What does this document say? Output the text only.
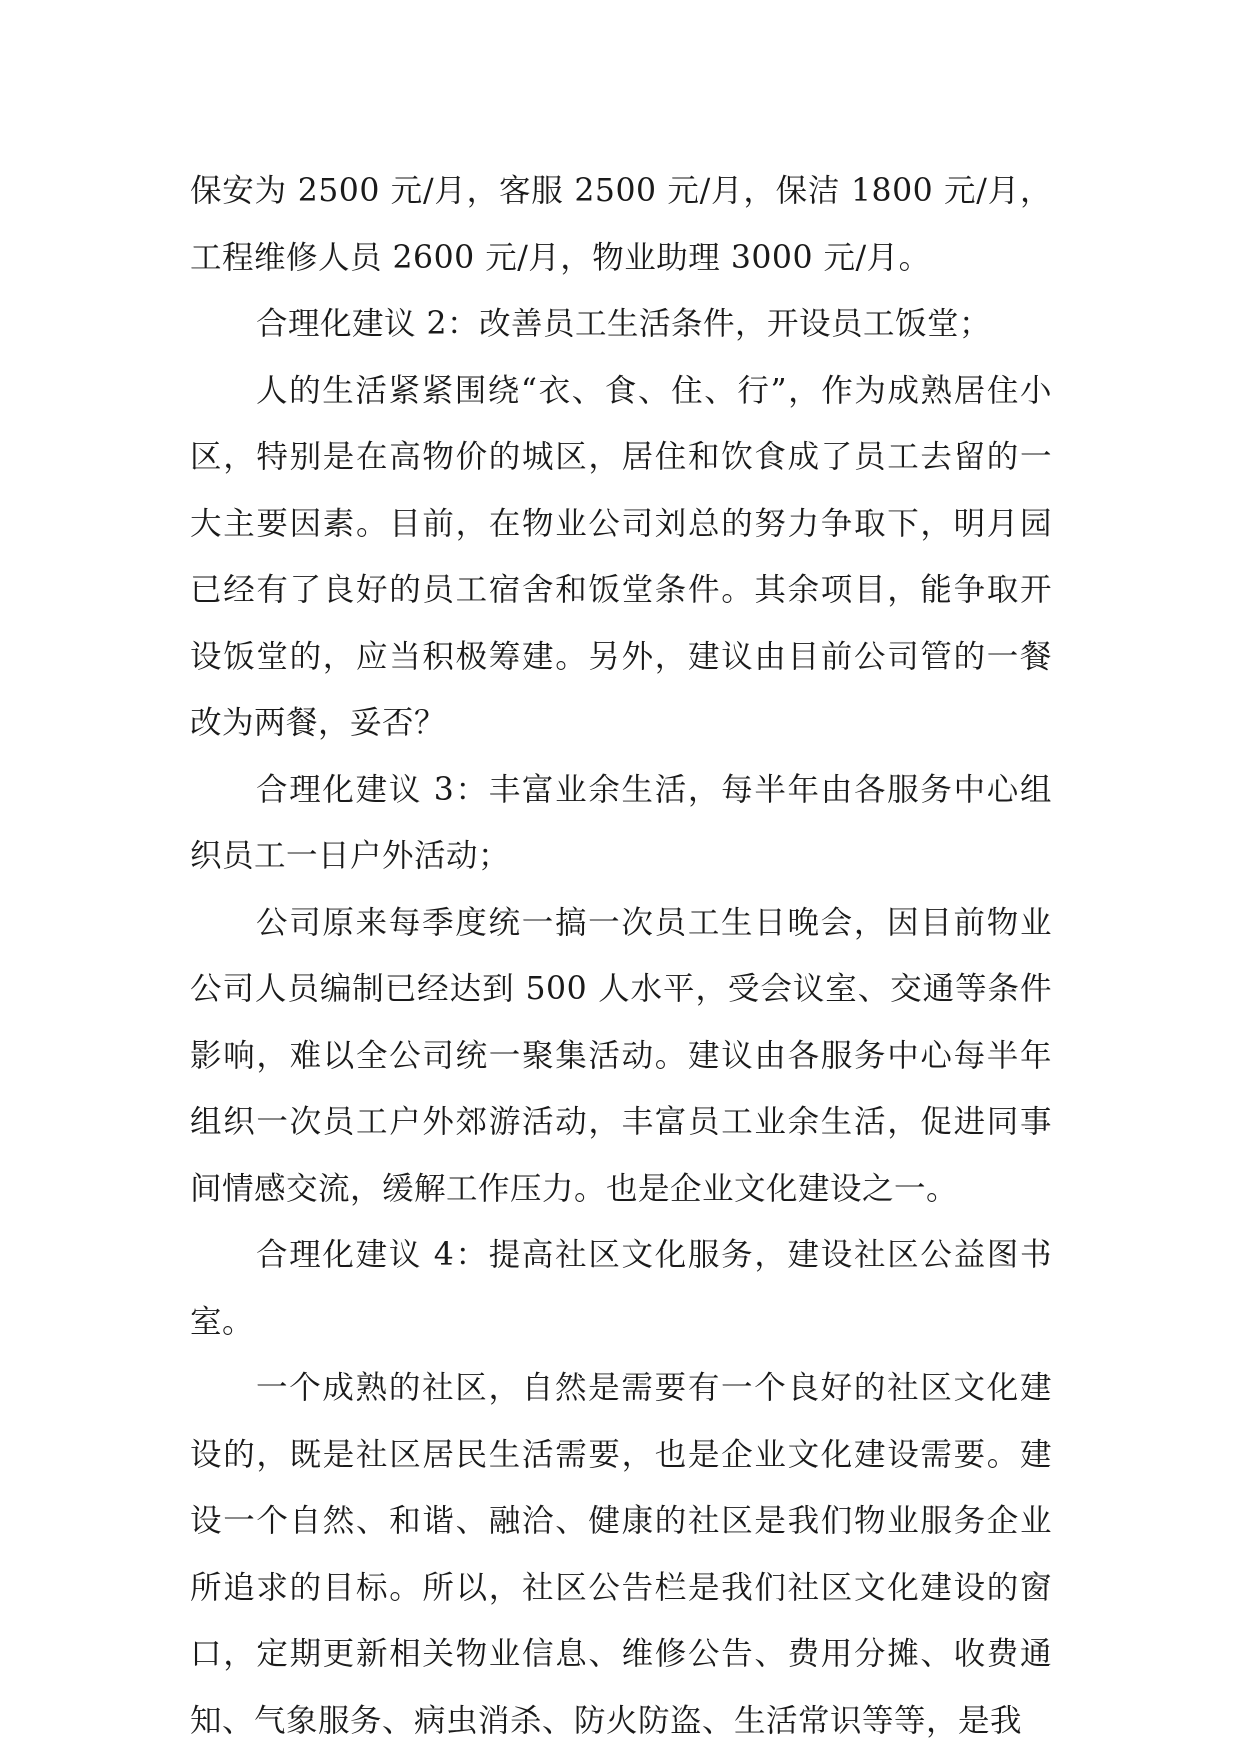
保安为 2500 元/月，客服 2500 元/月，保洁 1800 元/月，工程维修人员 2600 元/月，物业助理 3000 元/月。

合理化建议 2：改善员工生活条件，开设员工饭堂；

人的生活紧紧围绕“衣、食、住、行”，作为成熟居住小区，特别是在高物价的城区，居住和饮食成了员工去留的一大主要因素。目前，在物业公司刘总的努力争取下，明月园已经有了良好的员工宿舍和饭堂条件。其余项目，能争取开设饭堂的，应当积极筹建。另外，建议由目前公司管的一餐改为两餐，妥否？

合理化建议 3：丰富业余生活，每半年由各服务中心组织员工一日户外活动；

公司原来每季度统一搞一次员工生日晚会，因目前物业公司人员编制已经达到 500 人水平，受会议室、交通等条件影响，难以全公司统一聚集活动。建议由各服务中心每半年组织一次员工户外郊游活动，丰富员工业余生活，促进同事间情感交流，缓解工作压力。也是企业文化建设之一。

合理化建议 4：提高社区文化服务，建设社区公益图书室。

一个成熟的社区，自然是需要有一个良好的社区文化建设的，既是社区居民生活需要，也是企业文化建设需要。建设一个自然、和谐、融洽、健康的社区是我们物业服务企业所追求的目标。所以，社区公告栏是我们社区文化建设的窗口，定期更新相关物业信息、维修公告、费用分摊、收费通知、气象服务、病虫消杀、防火防盗、生活常识等等，是我
